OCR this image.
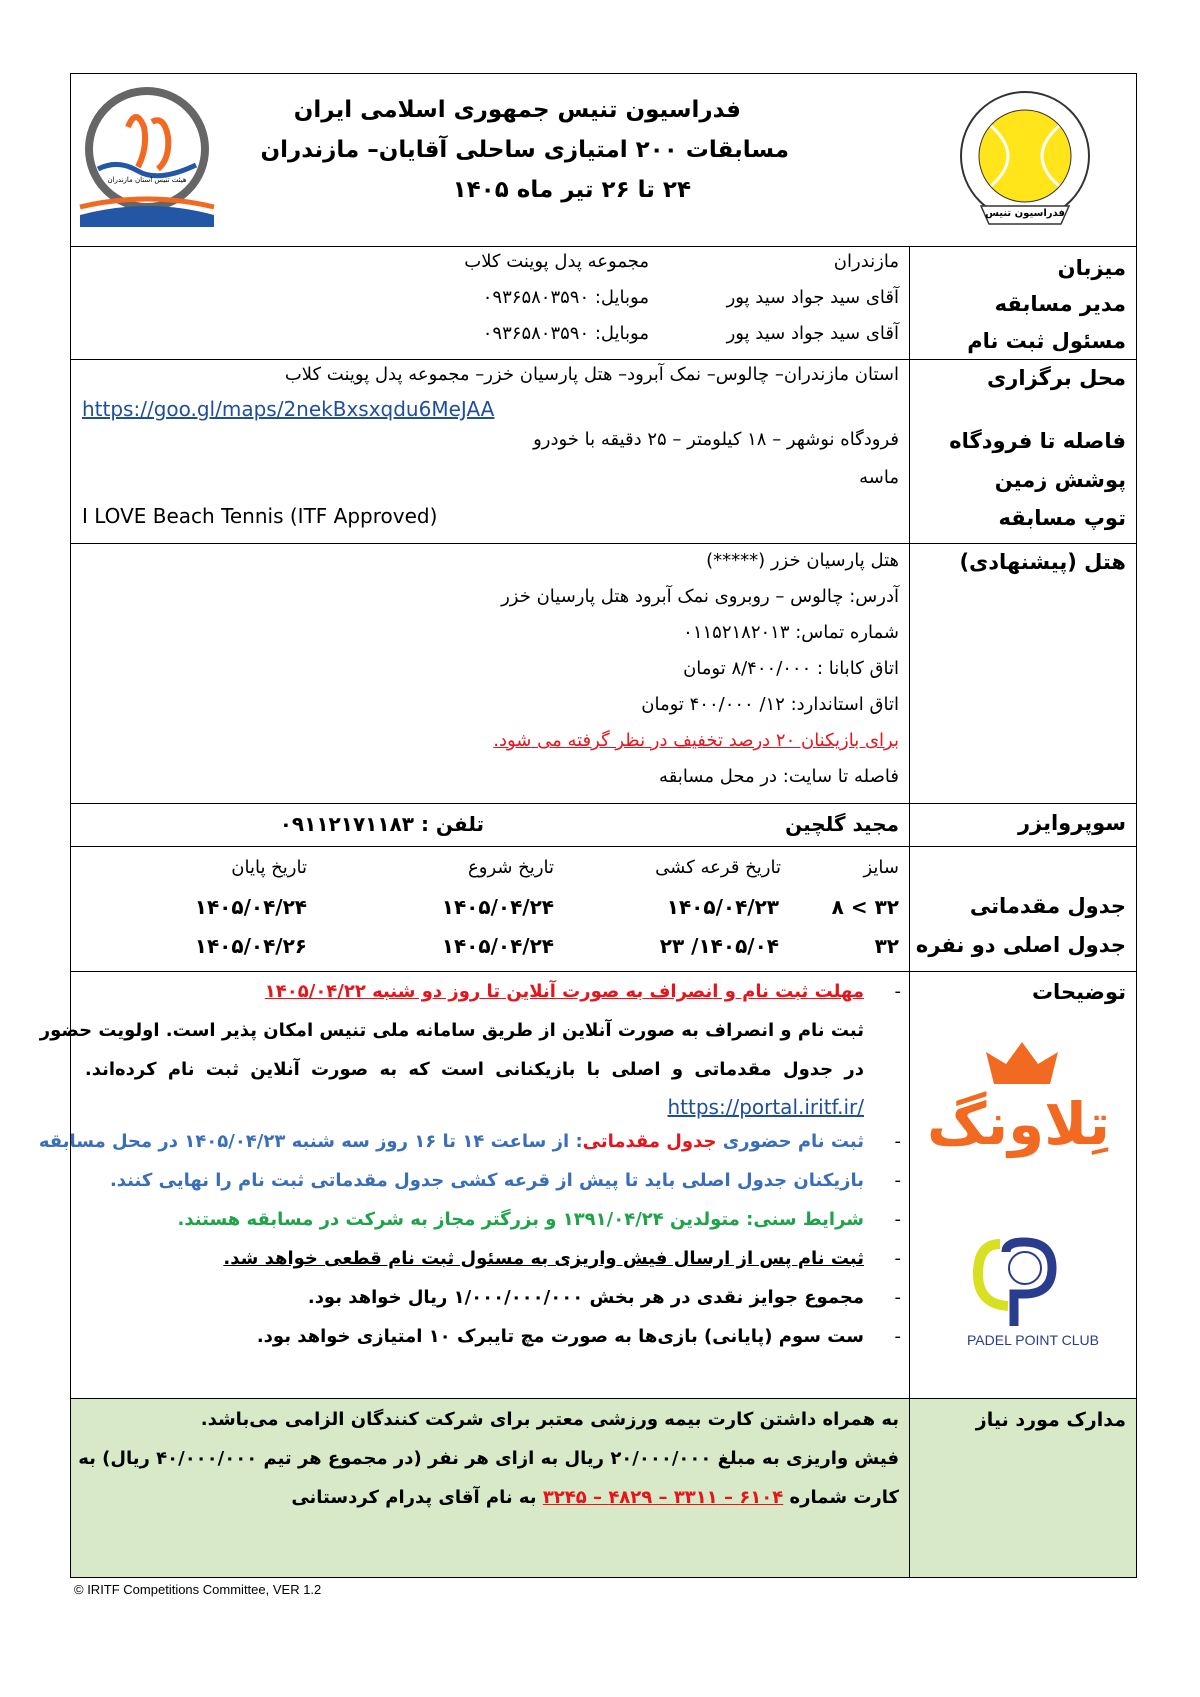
فدراسیون تنیس جمهوری اسلامی ایران
مسابقات ۲۰۰ امتیازی ساحلی آقایان– مازندران
۲۴ تا ۲۶ تیر ماه ۱۴۰۵
فدراسیون تنیس
هیئت تنیس استان مازندران
میزبان
مدیر مسابقه
مسئول ثبت نام
مازندران
مجموعه پدل پوینت کلاب
آقای سید جواد سید پور
موبایل: ۰۹۳۶۵۸۰۳۵۹۰
آقای سید جواد سید پور
موبایل: ۰۹۳۶۵۸۰۳۵۹۰
محل برگزاری
فاصله تا فرودگاه
پوشش زمین
توپ مسابقه
استان مازندران– چالوس– نمک آبرود– هتل پارسیان خزر– مجموعه پدل پوینت کلاب
https://goo.gl/maps/2nekBxsxqdu6MeJAA
فرودگاه نوشهر – ۱۸ کیلومتر – ۲۵ دقیقه با خودرو
ماسه
I LOVE Beach Tennis (ITF Approved)
هتل (پیشنهادی)
هتل پارسیان خزر (*****)
آدرس: چالوس – روبروی نمک آبرود هتل پارسیان خزر
شماره تماس: ۰۱۱۵۲۱۸۲۰۱۳
اتاق کابانا : ۸/۴۰۰/۰۰۰ تومان
اتاق استاندارد: ۱۲/ ۴۰۰/۰۰۰ تومان
برای بازیکنان ۲۰ درصد تخفیف در نظر گرفته می شود.
فاصله تا سایت: در محل مسابقه
سوپروایزر
مجید گلچین
تلفن : ۰۹۱۱۲۱۷۱۱۸۳
جدول مقدماتی
جدول اصلی دو نفره
سایز
تاریخ قرعه کشی
تاریخ شروع
تاریخ پایان
۳۲ > ۸
۱۴۰۵/۰۴/۲۳
۱۴۰۵/۰۴/۲۴
۱۴۰۵/۰۴/۲۴
۳۲
۱۴۰۵/۰۴/ ۲۳
۱۴۰۵/۰۴/۲۴
۱۴۰۵/۰۴/۲۶
توضیحات
تِلاونگ
PADEL POINT CLUB
-
مهلت ثبت نام و انصراف به صورت آنلاین تا روز دو شنبه ۱۴۰۵/۰۴/۲۲
ثبت نام و انصراف به صورت آنلاین از طریق سامانه ملی تنیس امکان پذیر است. اولویت حضور
در جدول مقدماتی و اصلی با بازیکنانی است که به صورت آنلاین ثبت نام کرده‌اند.
https://portal.iritf.ir/
-
ثبت نام حضوری جدول مقدماتی: از ساعت ۱۴ تا ۱۶ روز سه شنبه ۱۴۰۵/۰۴/۲۳ در محل مسابقه
-
بازیکنان جدول اصلی باید تا پیش از قرعه کشی جدول مقدماتی ثبت نام را نهایی کنند.
-
شرایط سنی: متولدین ۱۳۹۱/۰۴/۲۴ و بزرگتر مجاز به شرکت در مسابقه هستند.
-
ثبت نام پس از ارسال فیش واریزی به مسئول ثبت نام قطعی خواهد شد.
-
مجموع جوایز نقدی در هر بخش ۱/۰۰۰/۰۰۰/۰۰۰ ریال خواهد بود.
-
ست سوم (پایانی) بازی‌ها به صورت مچ تایبرک ۱۰ امتیازی خواهد بود.
مدارک مورد نیاز
به همراه داشتن کارت بیمه ورزشی معتبر برای شرکت کنندگان الزامی می‌باشد.
فیش واریزی به مبلغ ۲۰/۰۰۰/۰۰۰ ریال به ازای هر نفر (در مجموع هر تیم ۴۰/۰۰۰/۰۰۰ ریال) به
کارت شماره ۶۱۰۴ – ۳۳۱۱ – ۴۸۲۹ – ۳۲۴۵ به نام آقای پدرام کردستانی
© IRITF Competitions Committee, VER 1.2
